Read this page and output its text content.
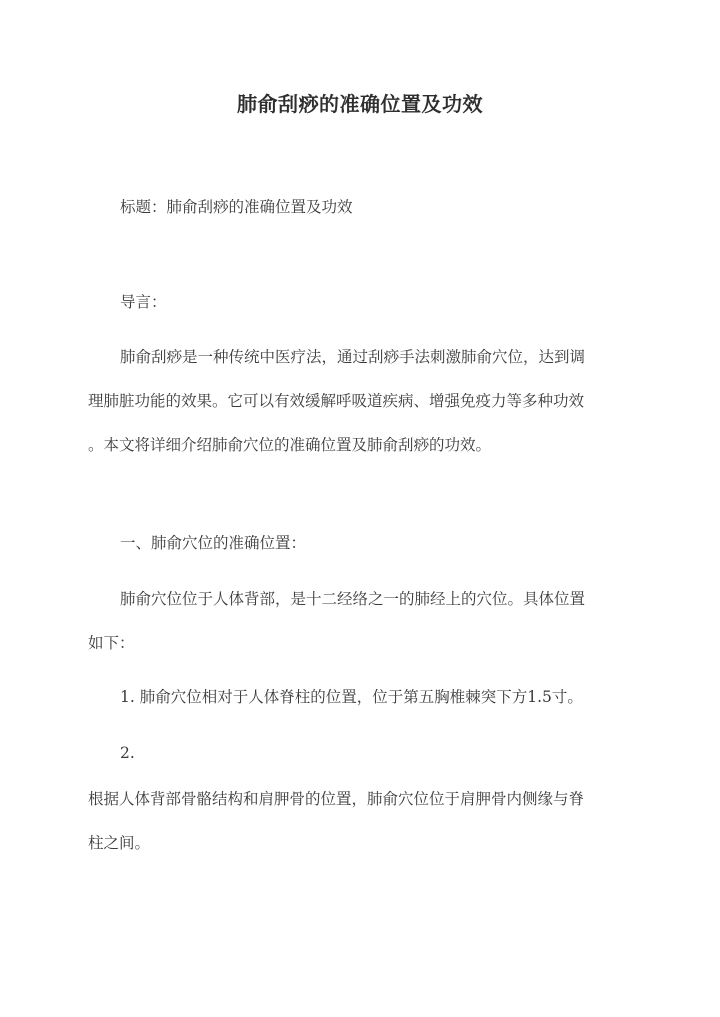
肺俞刮痧的准确位置及功效
标题：肺俞刮痧的准确位置及功效
导言：
肺俞刮痧是一种传统中医疗法，通过刮痧手法刺激肺俞穴位，达到调
理肺脏功能的效果。它可以有效缓解呼吸道疾病、增强免疫力等多种功效
。本文将详细介绍肺俞穴位的准确位置及肺俞刮痧的功效。
一、肺俞穴位的准确位置：
肺俞穴位位于人体背部，是十二经络之一的肺经上的穴位。具体位置
如下：
1. 肺俞穴位相对于人体脊柱的位置，位于第五胸椎棘突下方1.5寸。
2.
根据人体背部骨骼结构和肩胛骨的位置，肺俞穴位位于肩胛骨内侧缘与脊
柱之间。
